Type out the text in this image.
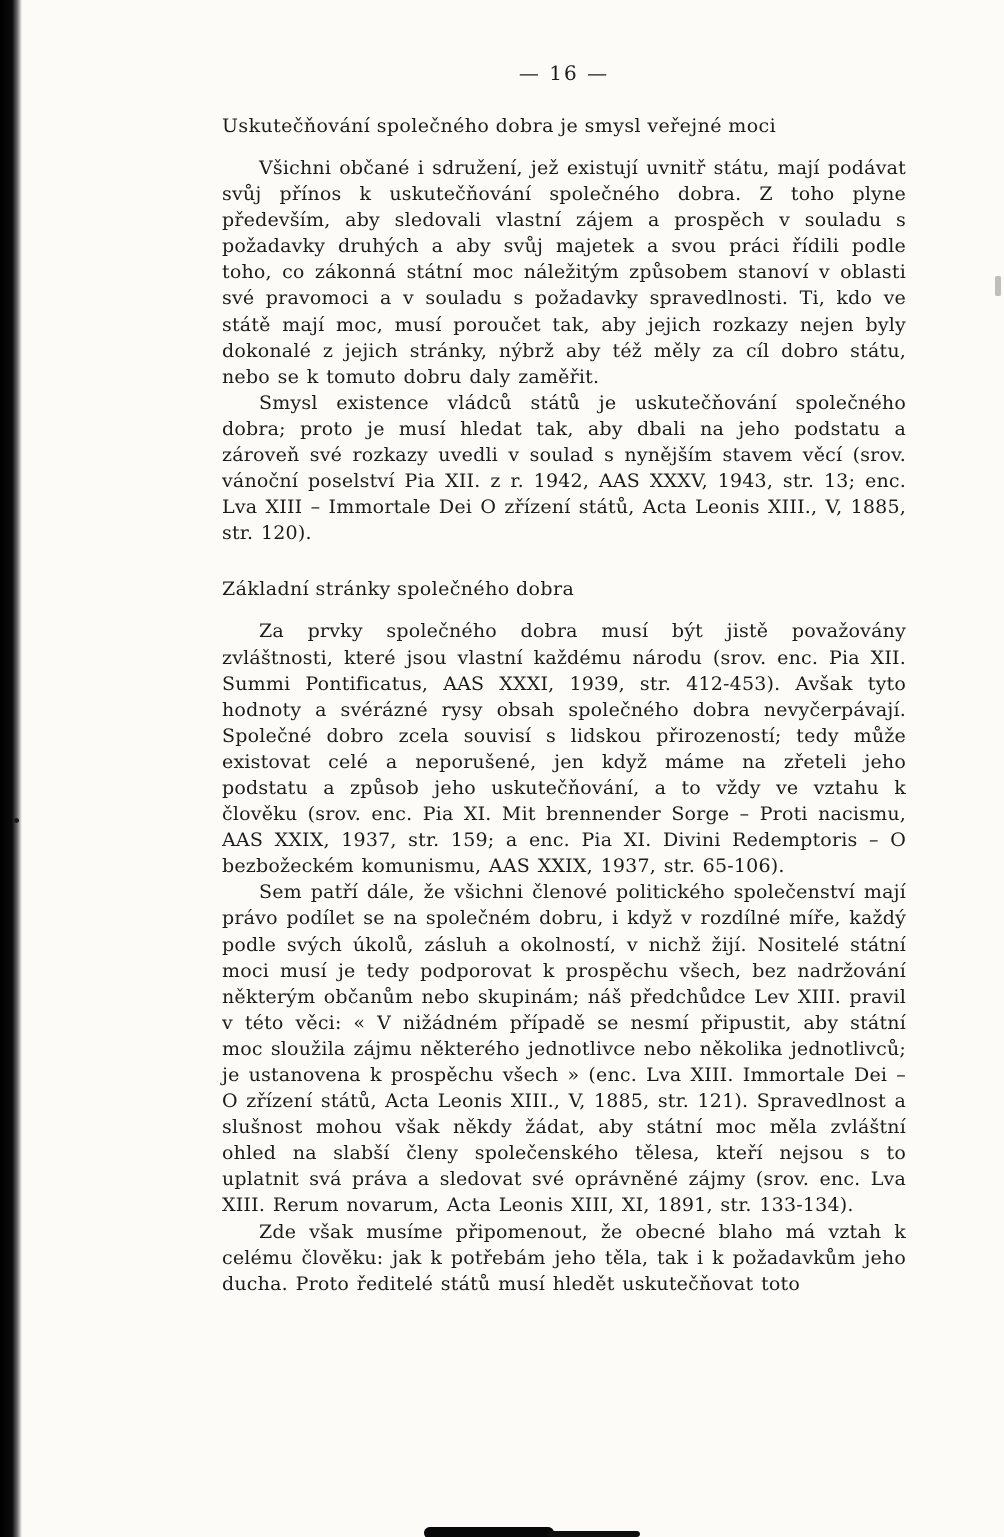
— 16 —
Uskutečňování společného dobra je smysl veřejné moci

Všichni občané i sdružení, jež existují uvnitř státu, mají podávat svůj přínos k uskutečňování společného dobra. Z toho plyne především, aby sledovali vlastní zájem a prospěch v souladu s požadavky druhých a aby svůj majetek a svou práci řídili podle toho, co zákonná státní moc náležitým způsobem stanoví v oblasti své pravomoci a v souladu s požadavky spravedlnosti. Ti, kdo ve státě mají moc, musí poroučet tak, aby jejich rozkazy nejen byly dokonalé z jejich stránky, nýbrž aby též měly za cíl dobro státu, nebo se k tomuto dobru daly zaměřit.

Smysl existence vládců států je uskutečňování společného dobra; proto je musí hledat tak, aby dbali na jeho podstatu a zároveň své rozkazy uvedli v soulad s nynějším stavem věcí (srov. vánoční poselství Pia XII. z r. 1942, AAS XXXV, 1943, str. 13; enc. Lva XIII – Immortale Dei O zřízení států, Acta Leonis XIII., V, 1885, str. 120).

Základní stránky společného dobra

Za prvky společného dobra musí být jistě považovány zvláštnosti, které jsou vlastní každému národu (srov. enc. Pia XII. Summi Pontificatus, AAS XXXI, 1939, str. 412-453). Avšak tyto hodnoty a svérázné rysy obsah společného dobra nevyčerpávají. Společné dobro zcela souvisí s lidskou přirozeností; tedy může existovat celé a neporušené, jen když máme na zřeteli jeho podstatu a způsob jeho uskutečňování, a to vždy ve vztahu k člověku (srov. enc. Pia XI. Mit brennender Sorge – Proti nacismu, AAS XXIX, 1937, str. 159; a enc. Pia XI. Divini Redemptoris – O bezbožeckém komunismu, AAS XXIX, 1937, str. 65-106).

Sem patří dále, že všichni členové politického společenství mají právo podílet se na společném dobru, i když v rozdílné míře, každý podle svých úkolů, zásluh a okolností, v nichž žijí. Nositelé státní moci musí je tedy podporovat k prospěchu všech, bez nadržování některým občanům nebo skupinám; náš předchůdce Lev XIII. pravil v této věci: « V nižádném případě se nesmí připustit, aby státní moc sloužila zájmu některého jednotlivce nebo několika jednotlivců; je ustanovena k prospěchu všech » (enc. Lva XIII. Immortale Dei – O zřízení států, Acta Leonis XIII., V, 1885, str. 121). Spravedlnost a slušnost mohou však někdy žádat, aby státní moc měla zvláštní ohled na slabší členy společenského tělesa, kteří nejsou s to uplatnit svá práva a sledovat své oprávněné zájmy (srov. enc. Lva XIII. Rerum novarum, Acta Leonis XIII, XI, 1891, str. 133-134).

Zde však musíme připomenout, že obecné blaho má vztah k celému člověku: jak k potřebám jeho těla, tak i k požadavkům jeho ducha. Proto ředitelé států musí hledět uskutečňovat toto
